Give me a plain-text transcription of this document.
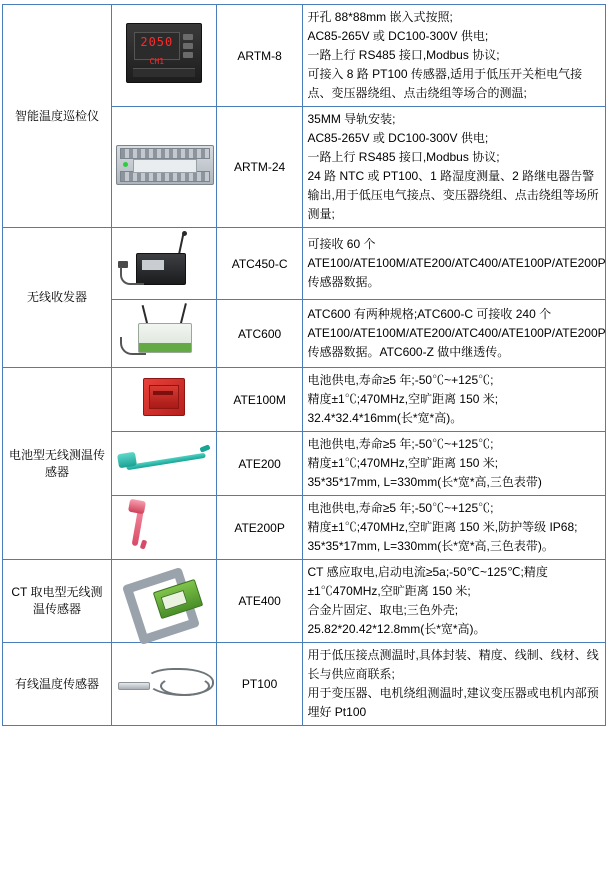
智能温度巡检仪	2050 CH1	ARTM-8	开孔 88*88mm 嵌入式按照;
AC85-265V 或 DC100-300V 供电;
一路上行 RS485 接口,Modbus 协议;
可接入 8 路 PT100 传感器,适用于低压开关柜电气接点、变压器绕组、点击绕组等场合的测温;

		ARTM-24	35MM 导轨安装;
AC85-265V 或 DC100-300V 供电;
一路上行 RS485 接口,Modbus 协议;
24 路 NTC 或 PT100、1 路湿度测量、2 路继电器告警输出,用于低压电气接点、变压器绕组、点击绕组等场所测量;

无线收发器		ATC450-C	可接收 60 个
ATE100/ATE100M/ATE200/ATC400/ATE100P/ATE200P 传感器数据。

		ATC600	ATC600 有两种规格;ATC600-C 可接收 240 个 ATE100/ATE100M/ATE200/ATC400/ATE100P/ATE200P 传感器数据。ATC600-Z 做中继透传。

电池型无线测温传感器		ATE100M	电池供电,寿命≥5 年;-50℃~+125℃;
精度±1℃;470MHz,空旷距离 150 米;
32.4*32.4*16mm(长*宽*高)。

		ATE200	电池供电,寿命≥5 年;-50℃~+125℃;
精度±1℃;470MHz,空旷距离 150 米;
35*35*17mm, L=330mm(长*宽*高,三色表带)

		ATE200P	电池供电,寿命≥5 年;-50℃~+125℃;
精度±1℃;470MHz,空旷距离 150 米,防护等级 IP68; 35*35*17mm, L=330mm(长*宽*高,三色表带)。

CT 取电型无线测温传感器		ATE400	CT 感应取电,启动电流≥5a;-50℃~125℃;精度±1℃470MHz,空旷距离 150 米;
合金片固定、取电;三色外壳;
25.82*20.42*12.8mm(长*宽*高)。

有线温度传感器		PT100	用于低压接点测温时,具体封装、精度、线制、线材、线长与供应商联系;
用于变压器、电机绕组测温时,建议变压器或电机内部预埋好 Pt100
